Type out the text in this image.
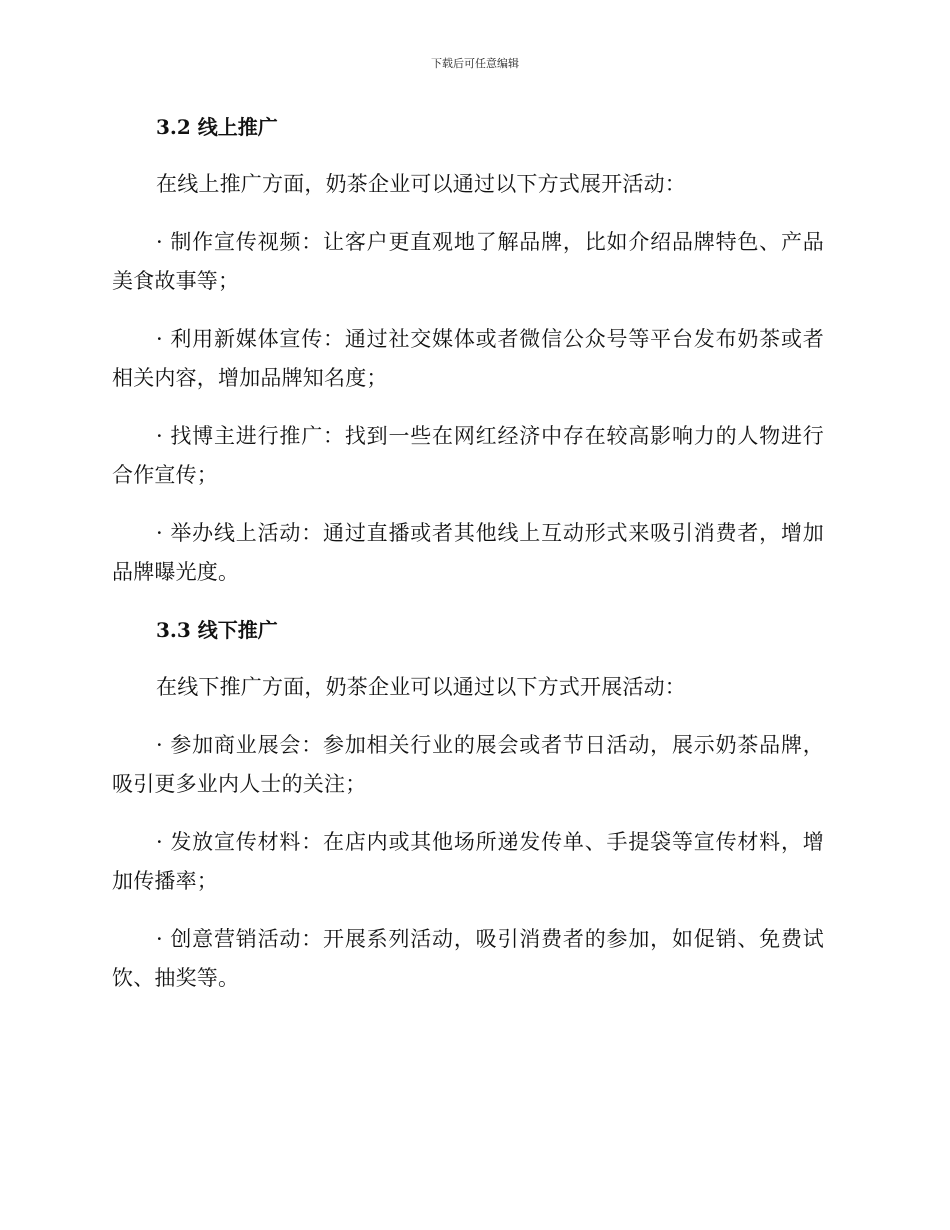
下载后可任意编辑

3.2 线上推广

在线上推广方面，奶茶企业可以通过以下方式展开活动：

· 制作宣传视频：让客户更直观地了解品牌，比如介绍品牌特色、产品美食故事等；

· 利用新媒体宣传：通过社交媒体或者微信公众号等平台发布奶茶或者相关内容，增加品牌知名度；

· 找博主进行推广：找到一些在网红经济中存在较高影响力的人物进行合作宣传；

· 举办线上活动：通过直播或者其他线上互动形式来吸引消费者，增加品牌曝光度。

3.3 线下推广

在线下推广方面，奶茶企业可以通过以下方式开展活动：

· 参加商业展会：参加相关行业的展会或者节日活动，展示奶茶品牌，吸引更多业内人士的关注；

· 发放宣传材料：在店内或其他场所递发传单、手提袋等宣传材料，增加传播率；

· 创意营销活动：开展系列活动，吸引消费者的参加，如促销、免费试饮、抽奖等。
